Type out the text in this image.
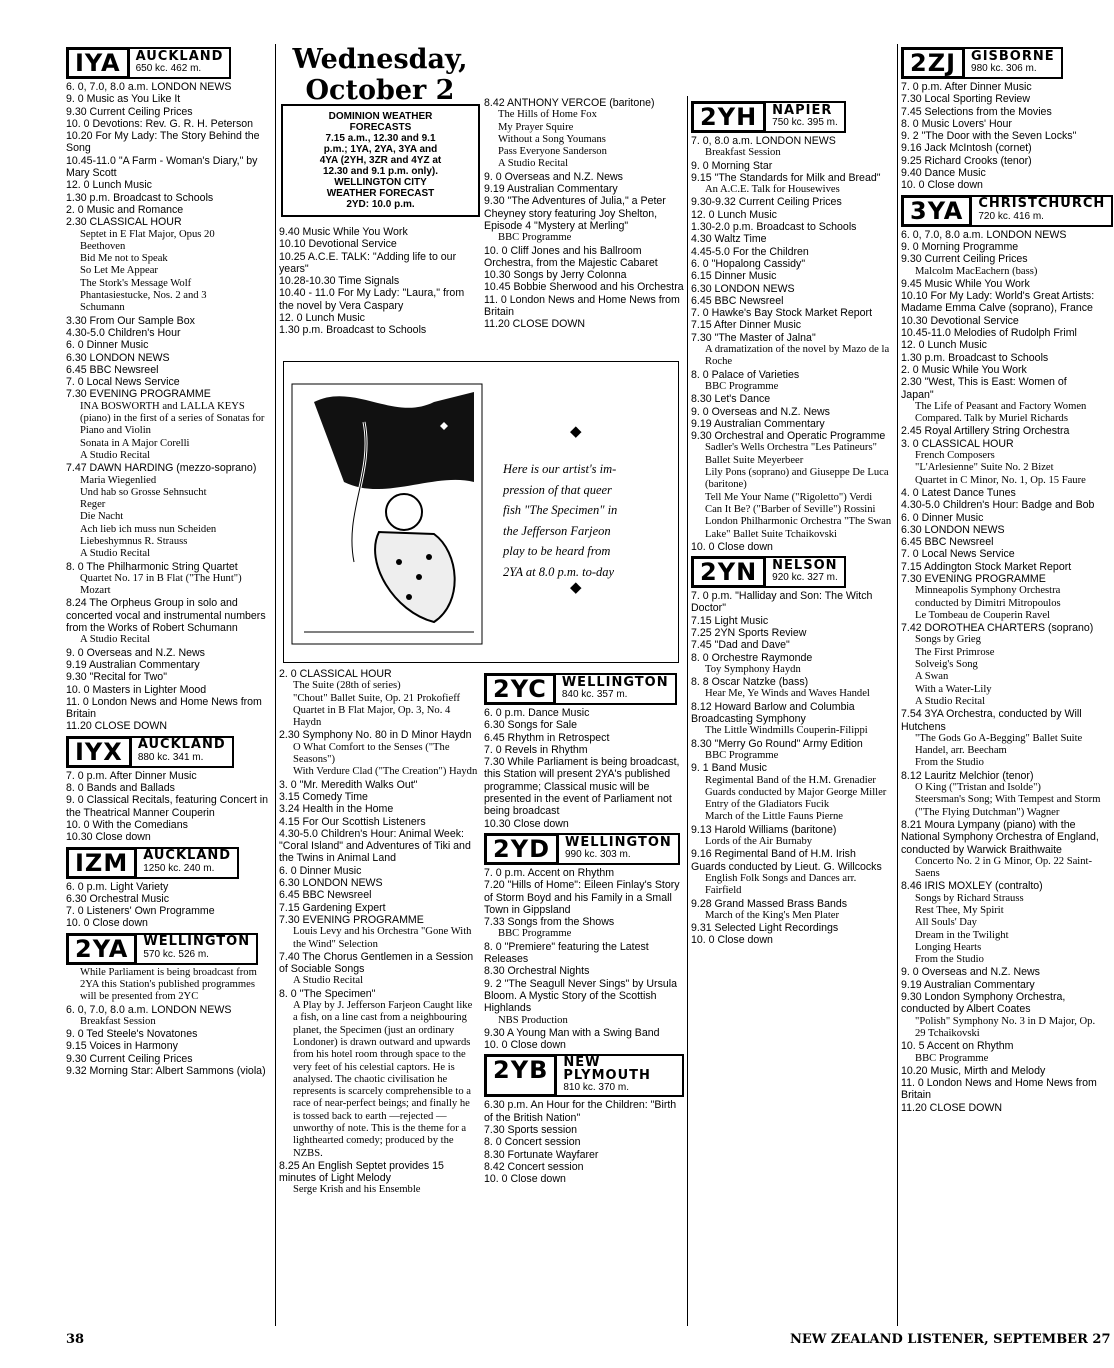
Wednesday, October 2
IYA	AUCKLAND
650 kc. 462 m.
6. 0, 7.0, 8.0 a.m. LONDON NEWS
9. 0 Music as You Like It
9.30 Current Ceiling Prices
10. 0 Devotions: Rev. G. R. H. Peterson
10.20 For My Lady: The Story Behind the Song
10.45-11.0 "A Farm - Woman's Diary," by Mary Scott
12. 0 Lunch Music
1.30 p.m. Broadcast to Schools
2. 0 Music and Romance
2.30 CLASSICAL HOUR
Septet in E Flat Major, Opus 20
Beethoven
Bid Me not to Speak
So Let Me Appear
The Stork's Message Wolf
Phantasiestucke, Nos. 2 and 3
Schumann
3.30 From Our Sample Box
4.30-5.0 Children's Hour
6. 0 Dinner Music
6.30 LONDON NEWS
6.45 BBC Newsreel
7. 0 Local News Service
7.30 EVENING PROGRAMME
INA BOSWORTH and LALLA KEYS (piano) in the first of a series of Sonatas for Piano and Violin
Sonata in A Major Corelli
A Studio Recital
7.47 DAWN HARDING (mezzo-soprano)
Maria Wiegenlied
Und hab so Grosse Sehnsucht
Reger
Die Nacht
Ach lieb ich muss nun Scheiden
Liebeshymnus R. Strauss
A Studio Recital
8. 0 The Philharmonic String Quartet
Quartet No. 17 in B Flat ("The Hunt") Mozart
8.24 The Orpheus Group in solo and concerted vocal and instrumental numbers from the Works of Robert Schumann
A Studio Recital
9. 0 Overseas and N.Z. News
9.19 Australian Commentary
9.30 "Recital for Two"
10. 0 Masters in Lighter Mood
11. 0 London News and Home News from Britain
11.20 CLOSE DOWN
IYX	AUCKLAND
880 kc. 341 m.
7. 0 p.m. After Dinner Music
8. 0 Bands and Ballads
9. 0 Classical Recitals, featuring Concert in the Theatrical Manner Couperin
10. 0 With the Comedians
10.30 Close down
IZM	AUCKLAND
1250 kc. 240 m.
6. 0 p.m. Light Variety
6.30 Orchestral Music
7. 0 Listeners' Own Programme
10. 0 Close down
2YA	WELLINGTON
570 kc. 526 m.
While Parliament is being broadcast from 2YA this Station's published programmes will be presented from 2YC
6. 0, 7.0, 8.0 a.m. LONDON NEWS
Breakfast Session
9. 0 Ted Steele's Novatones
9.15 Voices in Harmony
9.30 Current Ceiling Prices
9.32 Morning Star: Albert Sammons (viola)
DOMINION WEATHER
FORECASTS
7.15 a.m., 12.30 and 9.1
p.m.; 1YA, 2YA, 3YA and
4YA (2YH, 3ZR and 4YZ at
12.30 and 9.1 p.m. only).
WELLINGTON CITY
WEATHER FORECAST
2YD: 10.0 p.m.
9.40 Music While You Work
10.10 Devotional Service
10.25 A.C.E. TALK: "Adding life to our years"
10.28-10.30 Time Signals
10.40 - 11.0 For My Lady: "Laura," from the novel by Vera Caspary
12. 0 Lunch Music
1.30 p.m. Broadcast to Schools
8.42 ANTHONY VERCOE (baritone)
The Hills of Home Fox
My Prayer Squire
Without a Song Youmans
Pass Everyone Sanderson
A Studio Recital
9. 0 Overseas and N.Z. News
9.19 Australian Commentary
9.30 "The Adventures of Julia," a Peter Cheyney story featuring Joy Shelton, Episode 4 "Mystery at Merling"
BBC Programme
10. 0 Cliff Jones and his Ballroom Orchestra, from the Majestic Cabaret
10.30 Songs by Jerry Colonna
10.45 Bobbie Sherwood and his Orchestra
11. 0 London News and Home News from Britain
11.20 CLOSE DOWN
◆
◆
Here is our artist's im-
pression of that queer
fish "The Specimen" in
the Jefferson Farjeon
play to be heard from
2YA at 8.0 p.m. to-day
2. 0 CLASSICAL HOUR
The Suite (28th of series)
"Chout" Ballet Suite, Op. 21 Prokofieff
Quartet in B Flat Major, Op. 3, No. 4 Haydn
2.30 Symphony No. 80 in D Minor Haydn
O What Comfort to the Senses ("The Seasons")
With Verdure Clad ("The Creation") Haydn
3. 0 "Mr. Meredith Walks Out"
3.15 Comedy Time
3.24 Health in the Home
4.15 For Our Scottish Listeners
4.30-5.0 Children's Hour: Animal Week: "Coral Island" and Adventures of Tiki and the Twins in Animal Land
6. 0 Dinner Music
6.30 LONDON NEWS
6.45 BBC Newsreel
7.15 Gardening Expert
7.30 EVENING PROGRAMME
Louis Levy and his Orchestra "Gone With the Wind" Selection
7.40 The Chorus Gentlemen in a Session of Sociable Songs
A Studio Recital
8. 0 "The Specimen"
A Play by J. Jefferson Farjeon Caught like a fish, on a line cast from a neighbouring planet, the Specimen (just an ordinary Londoner) is drawn outward and upwards from his hotel room through space to the very feet of his celestial captors. He is analysed. The chaotic civilisation he represents is scarcely comprehensible to a race of near-perfect beings; and finally he is tossed back to earth —rejected — unworthy of note. This is the theme for a lighthearted comedy; produced by the NZBS.
8.25 An English Septet provides 15 minutes of Light Melody
Serge Krish and his Ensemble
2YC	WELLINGTON
840 kc. 357 m.
6. 0 p.m. Dance Music
6.30 Songs for Sale
6.45 Rhythm in Retrospect
7. 0 Revels in Rhythm
7.30 While Parliament is being broadcast, this Station will present 2YA's published programme; Classical music will be presented in the event of Parliament not being broadcast
10.30 Close down
2YD	WELLINGTON
990 kc. 303 m.
7. 0 p.m. Accent on Rhythm
7.20 "Hills of Home": Eileen Finlay's Story of Storm Boyd and his Family in a Small Town in Gippsland
7.33 Songs from the Shows
BBC Programme
8. 0 "Premiere" featuring the Latest Releases
8.30 Orchestral Nights
9. 2 "The Seagull Never Sings" by Ursula Bloom. A Mystic Story of the Scottish Highlands
NBS Production
9.30 A Young Man with a Swing Band
10. 0 Close down
2YB	NEW PLYMOUTH
810 kc. 370 m.
6.30 p.m. An Hour for the Children: "Birth of the British Nation"
7.30 Sports session
8. 0 Concert session
8.30 Fortunate Wayfarer
8.42 Concert session
10. 0 Close down
2YH	NAPIER
750 kc. 395 m.
7. 0, 8.0 a.m. LONDON NEWS
Breakfast Session
9. 0 Morning Star
9.15 "The Standards for Milk and Bread"
An A.C.E. Talk for Housewives
9.30-9.32 Current Ceiling Prices
12. 0 Lunch Music
1.30-2.0 p.m. Broadcast to Schools
4.30 Waltz Time
4.45-5.0 For the Children
6. 0 "Hopalong Cassidy"
6.15 Dinner Music
6.30 LONDON NEWS
6.45 BBC Newsreel
7. 0 Hawke's Bay Stock Market Report
7.15 After Dinner Music
7.30 "The Master of Jalna"
A dramatization of the novel by Mazo de la Roche
8. 0 Palace of Varieties
BBC Programme
8.30 Let's Dance
9. 0 Overseas and N.Z. News
9.19 Australian Commentary
9.30 Orchestral and Operatic Programme
Sadler's Wells Orchestra "Les Patineurs" Ballet Suite Meyerbeer
Lily Pons (soprano) and Giuseppe De Luca (baritone)
Tell Me Your Name ("Rigoletto") Verdi
Can It Be? ("Barber of Seville") Rossini
London Philharmonic Orchestra "The Swan Lake" Ballet Suite Tchaikovski
10. 0 Close down
2YN	NELSON
920 kc. 327 m.
7. 0 p.m. "Halliday and Son: The Witch Doctor"
7.15 Light Music
7.25 2YN Sports Review
7.45 "Dad and Dave"
8. 0 Orchestre Raymonde
Toy Symphony Haydn
8. 8 Oscar Natzke (bass)
Hear Me, Ye Winds and Waves Handel
8.12 Howard Barlow and Columbia Broadcasting Symphony
The Little Windmills Couperin-Filippi
8.30 "Merry Go Round" Army Edition
BBC Programme
9. 1 Band Music
Regimental Band of the H.M. Grenadier Guards conducted by Major George Miller
Entry of the Gladiators Fucik
March of the Little Fauns Pierne
9.13 Harold Williams (baritone)
Lords of the Air Burnaby
9.16 Regimental Band of H.M. Irish Guards conducted by Lieut. G. Willcocks
English Folk Songs and Dances arr. Fairfield
9.28 Grand Massed Brass Bands
March of the King's Men Plater
9.31 Selected Light Recordings
10. 0 Close down
2ZJ	GISBORNE
980 kc. 306 m.
7. 0 p.m. After Dinner Music
7.30 Local Sporting Review
7.45 Selections from the Movies
8. 0 Music Lovers' Hour
9. 2 "The Door with the Seven Locks"
9.16 Jack McIntosh (cornet)
9.25 Richard Crooks (tenor)
9.40 Dance Music
10. 0 Close down
3YA	CHRISTCHURCH
720 kc. 416 m.
6. 0, 7.0, 8.0 a.m. LONDON NEWS
9. 0 Morning Programme
9.30 Current Ceiling Prices
Malcolm MacEachern (bass)
9.45 Music While You Work
10.10 For My Lady: World's Great Artists: Madame Emma Calve (soprano), France
10.30 Devotional Service
10.45-11.0 Melodies of Rudolph Friml
12. 0 Lunch Music
1.30 p.m. Broadcast to Schools
2. 0 Music While You Work
2.30 "West, This is East: Women of Japan"
The Life of Peasant and Factory Women Compared. Talk by Muriel Richards
2.45 Royal Artillery String Orchestra
3. 0 CLASSICAL HOUR
French Composers
"L'Arlesienne" Suite No. 2 Bizet
Quartet in C Minor, No. 1, Op. 15 Faure
4. 0 Latest Dance Tunes
4.30-5.0 Children's Hour: Badge and Bob
6. 0 Dinner Music
6.30 LONDON NEWS
6.45 BBC Newsreel
7. 0 Local News Service
7.15 Addington Stock Market Report
7.30 EVENING PROGRAMME
Minneapolis Symphony Orchestra conducted by Dimitri Mitropoulos
Le Tombeau de Couperin Ravel
7.42 DOROTHEA CHARTERS (soprano)
Songs by Grieg
The First Primrose
Solveig's Song
A Swan
With a Water-Lily
A Studio Recital
7.54 3YA Orchestra, conducted by Will Hutchens
"The Gods Go A-Begging" Ballet Suite
Handel, arr. Beecham
From the Studio
8.12 Lauritz Melchior (tenor)
O King ("Tristan and Isolde")
Steersman's Song; With Tempest and Storm ("The Flying Dutchman") Wagner
8.21 Moura Lympany (piano) with the National Symphony Orchestra of England, conducted by Warwick Braithwaite
Concerto No. 2 in G Minor, Op. 22 Saint-Saens
8.46 IRIS MOXLEY (contralto)
Songs by Richard Strauss
Rest Thee, My Spirit
All Souls' Day
Dream in the Twilight
Longing Hearts
From the Studio
9. 0 Overseas and N.Z. News
9.19 Australian Commentary
9.30 London Symphony Orchestra, conducted by Albert Coates
"Polish" Symphony No. 3 in D Major, Op. 29 Tchaikovski
10. 5 Accent on Rhythm
BBC Programme
10.20 Music, Mirth and Melody
11. 0 London News and Home News from Britain
11.20 CLOSE DOWN
38	NEW ZEALAND LISTENER, SEPTEMBER 27
